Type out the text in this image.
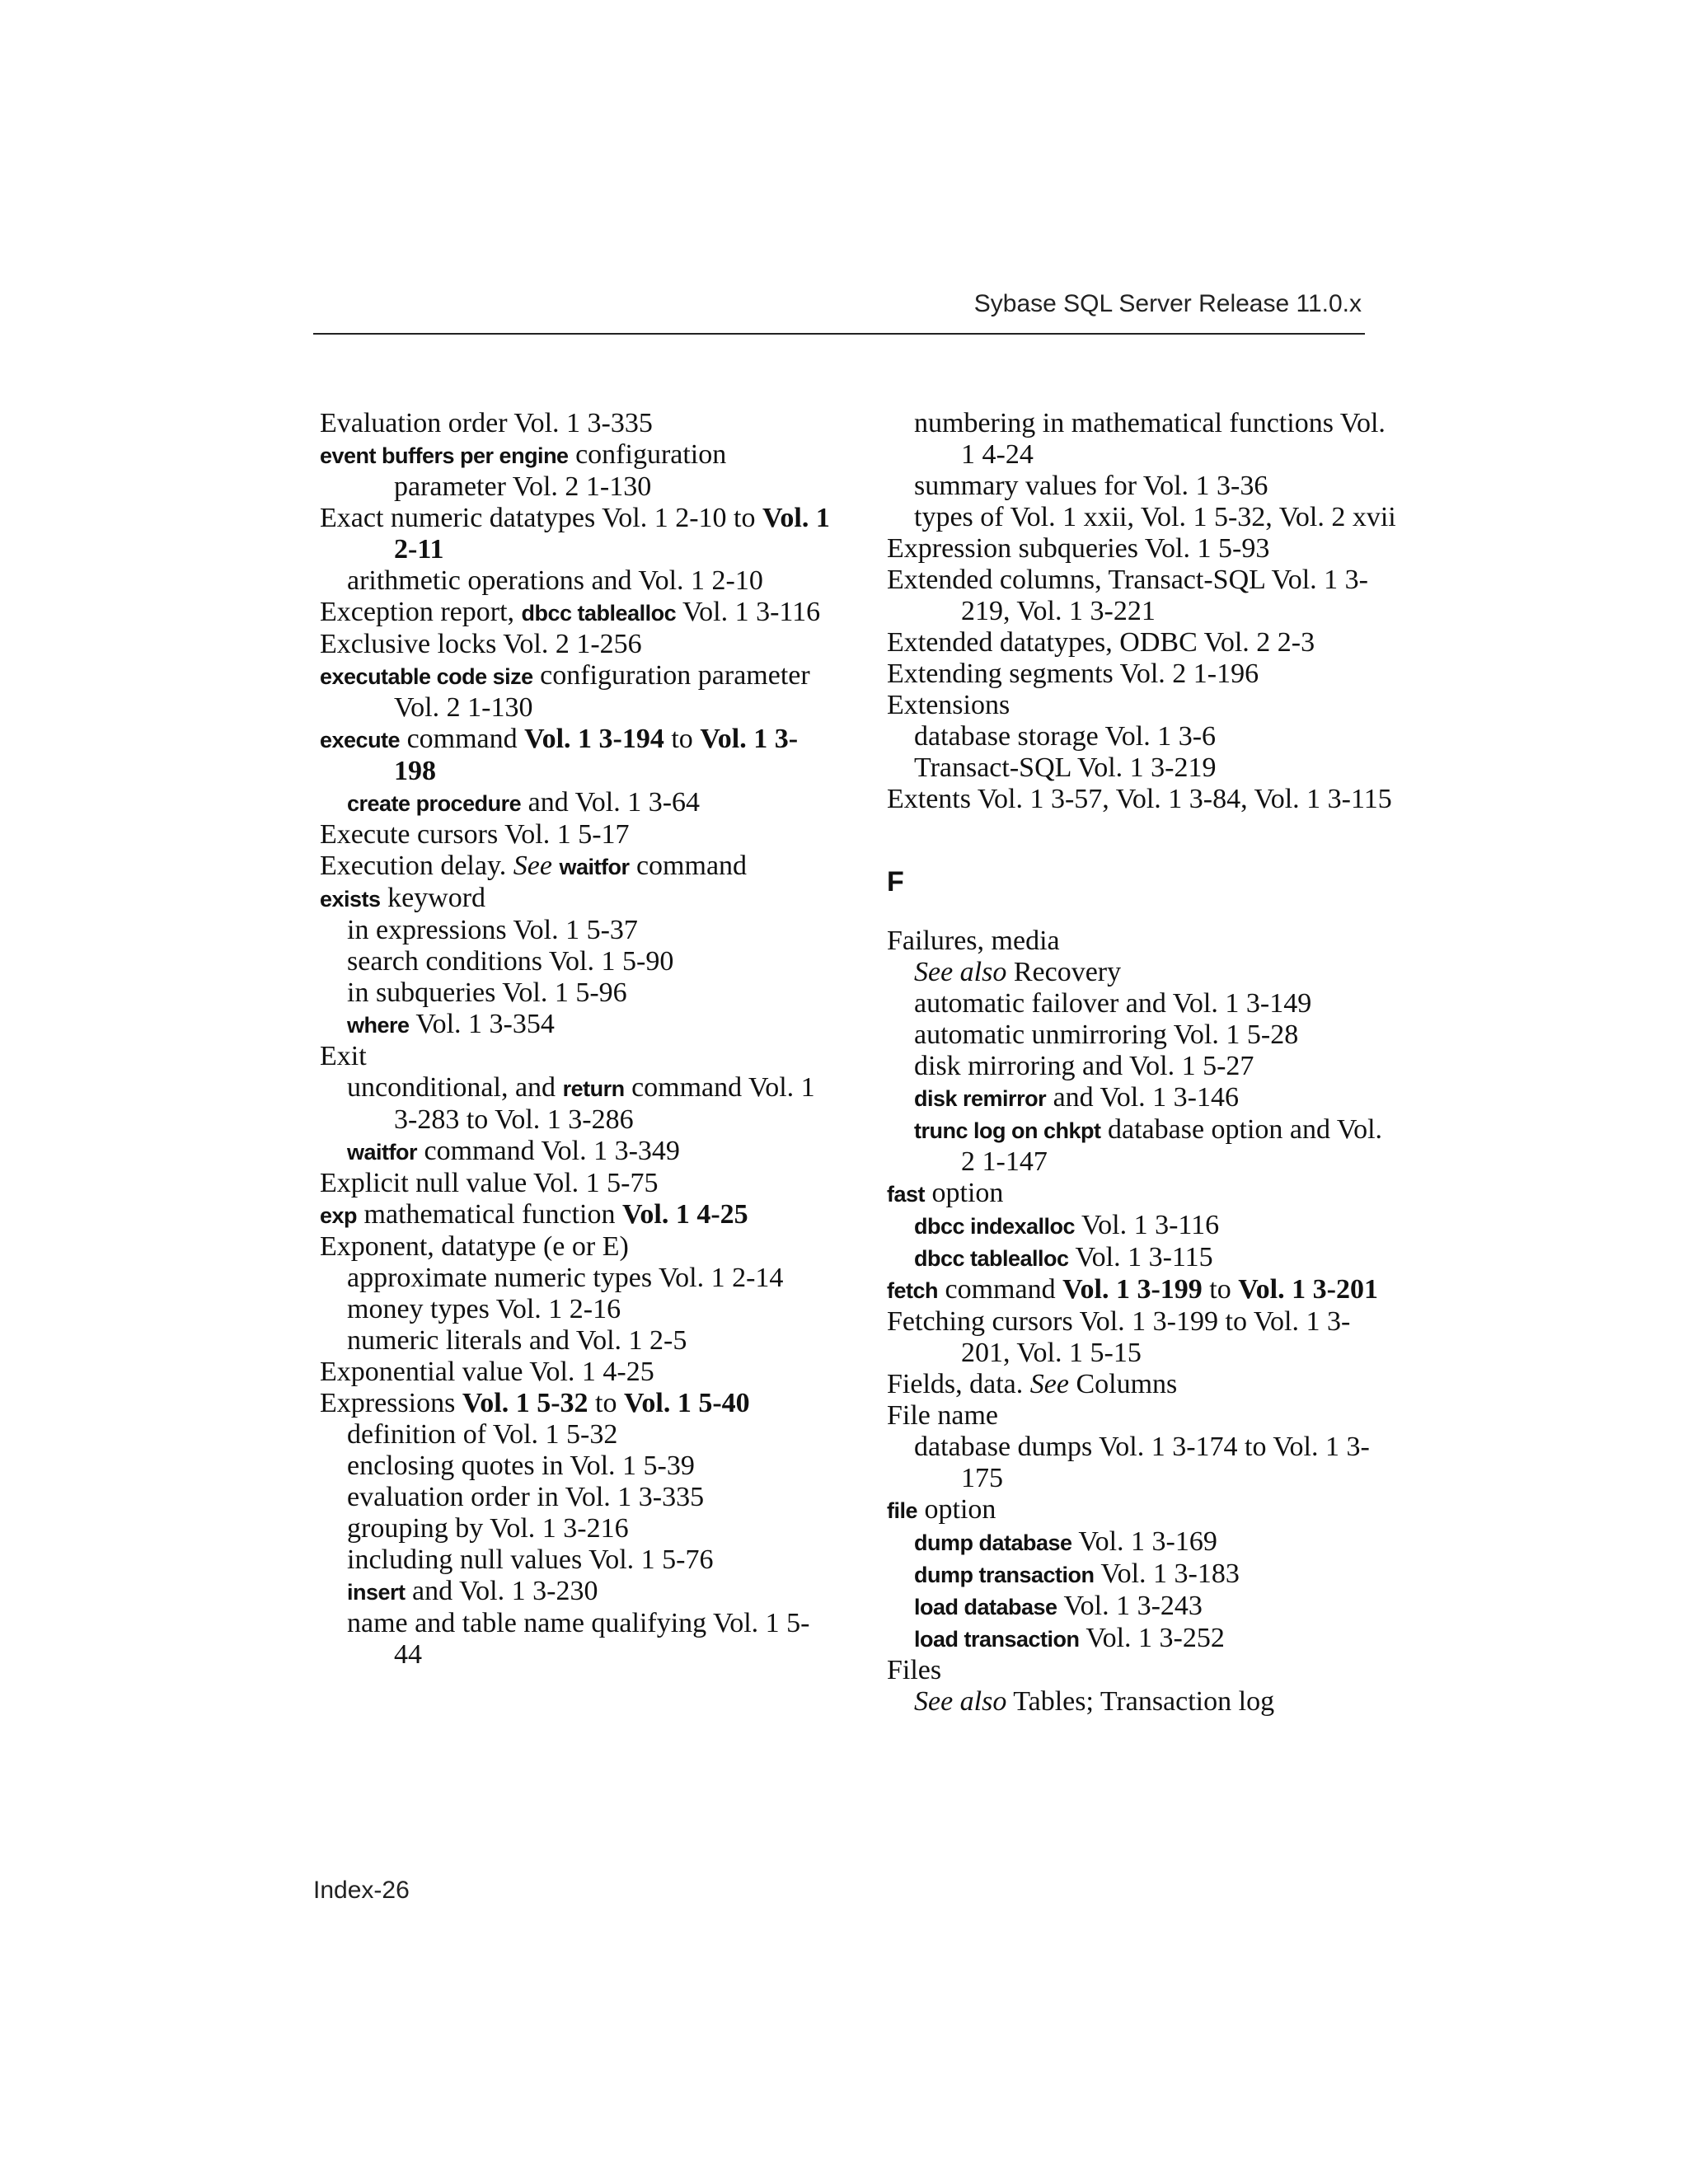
Sybase SQL Server Release 11.0.x
Evaluation order Vol. 1 3-335
event buffers per engine configuration parameter Vol. 2 1-130
Exact numeric datatypes Vol. 1 2-10 to Vol. 1 2-11
arithmetic operations and Vol. 1 2-10
Exception report, dbcc tablealloc Vol. 1 3-116
Exclusive locks Vol. 2 1-256
executable code size configuration parameter Vol. 2 1-130
execute command Vol. 1 3-194 to Vol. 1 3-198
create procedure and Vol. 1 3-64
Execute cursors Vol. 1 5-17
Execution delay. See waitfor command
exists keyword
in expressions Vol. 1 5-37
search conditions Vol. 1 5-90
in subqueries Vol. 1 5-96
where Vol. 1 3-354
Exit
unconditional, and return command Vol. 1 3-283 to Vol. 1 3-286
waitfor command Vol. 1 3-349
Explicit null value Vol. 1 5-75
exp mathematical function Vol. 1 4-25
Exponent, datatype (e or E)
approximate numeric types Vol. 1 2-14
money types Vol. 1 2-16
numeric literals and Vol. 1 2-5
Exponential value Vol. 1 4-25
Expressions Vol. 1 5-32 to Vol. 1 5-40
definition of Vol. 1 5-32
enclosing quotes in Vol. 1 5-39
evaluation order in Vol. 1 3-335
grouping by Vol. 1 3-216
including null values Vol. 1 5-76
insert and Vol. 1 3-230
name and table name qualifying Vol. 1 5-44
numbering in mathematical functions Vol. 1 4-24
summary values for Vol. 1 3-36
types of Vol. 1 xxii, Vol. 1 5-32, Vol. 2 xvii
Expression subqueries Vol. 1 5-93
Extended columns, Transact-SQL Vol. 1 3-219, Vol. 1 3-221
Extended datatypes, ODBC Vol. 2 2-3
Extending segments Vol. 2 1-196
Extensions
database storage Vol. 1 3-6
Transact-SQL Vol. 1 3-219
Extents Vol. 1 3-57, Vol. 1 3-84, Vol. 1 3-115
F
Failures, media
See also Recovery
automatic failover and Vol. 1 3-149
automatic unmirroring Vol. 1 5-28
disk mirroring and Vol. 1 5-27
disk remirror and Vol. 1 3-146
trunc log on chkpt database option and Vol. 2 1-147
fast option
dbcc indexalloc Vol. 1 3-116
dbcc tablealloc Vol. 1 3-115
fetch command Vol. 1 3-199 to Vol. 1 3-201
Fetching cursors Vol. 1 3-199 to Vol. 1 3-201, Vol. 1 5-15
Fields, data. See Columns
File name
database dumps Vol. 1 3-174 to Vol. 1 3-175
file option
dump database Vol. 1 3-169
dump transaction Vol. 1 3-183
load database Vol. 1 3-243
load transaction Vol. 1 3-252
Files
See also Tables; Transaction log
Index-26
